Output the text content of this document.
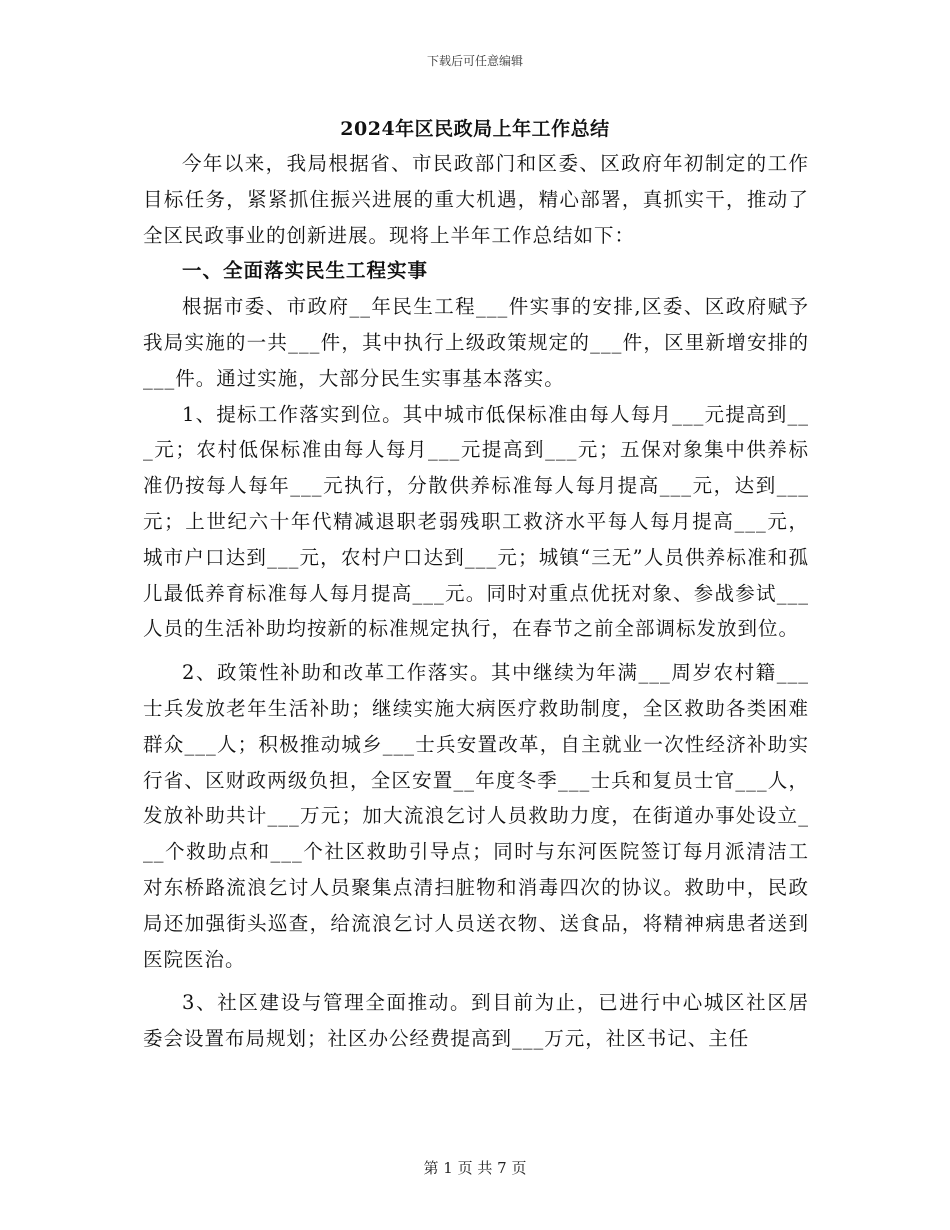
下载后可任意编辑
2024年区民政局上年工作总结

今年以来，我局根据省、市民政部门和区委、区政府年初制定的工作目标任务，紧紧抓住振兴进展的重大机遇，精心部署，真抓实干，推动了全区民政事业的创新进展。现将上半年工作总结如下：

一、全面落实民生工程实事

根据市委、市政府__年民生工程___件实事的安排,区委、区政府赋予我局实施的一共___件，其中执行上级政策规定的___件，区里新增安排的___件。通过实施，大部分民生实事基本落实。

1、提标工作落实到位。其中城市低保标准由每人每月___元提高到___元；农村低保标准由每人每月___元提高到___元；五保对象集中供养标准仍按每人每年___元执行，分散供养标准每人每月提高___元，达到___元；上世纪六十年代精减退职老弱残职工救济水平每人每月提高___元，城市户口达到___元，农村户口达到___元；城镇“三无”人员供养标准和孤儿最低养育标准每人每月提高___元。同时对重点优抚对象、参战参试___人员的生活补助均按新的标准规定执行，在春节之前全部调标发放到位。

2、政策性补助和改革工作落实。其中继续为年满___周岁农村籍___士兵发放老年生活补助；继续实施大病医疗救助制度，全区救助各类困难群众___人；积极推动城乡___士兵安置改革，自主就业一次性经济补助实行省、区财政两级负担，全区安置__年度冬季___士兵和复员士官___人，发放补助共计___万元；加大流浪乞讨人员救助力度，在街道办事处设立___个救助点和___个社区救助引导点；同时与东河医院签订每月派清洁工对东桥路流浪乞讨人员聚集点清扫脏物和消毒四次的协议。救助中，民政局还加强街头巡查，给流浪乞讨人员送衣物、送食品，将精神病患者送到医院医治。

3、社区建设与管理全面推动。到目前为止，已进行中心城区社区居委会设置布局规划；社区办公经费提高到___万元，社区书记、主任

第 1 页 共 7 页
